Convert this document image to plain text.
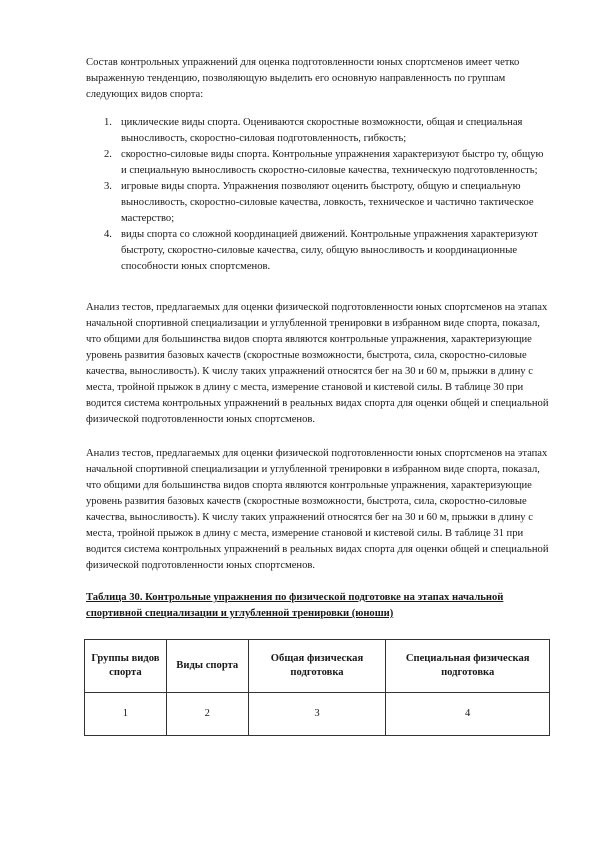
Состав контрольных упражнений для оценка подготовленности юных спортсменов имеет четко выраженную тенденцию, позволяющую выделить его основную направленность по группам следующих видов спорта:

1. циклические виды спорта. Оцениваются скоростные возможности, общая и специальная выносливость, скоростно-силовая подготовленность, гибкость;
2. скоростно-силовые виды спорта. Контрольные упражнения характеризуют быстро ту, общую и специальную выносливость скоростно-силовые качества, техническую подготовленность;
3. игровые виды спорта. Упражнения позволяют оценить быстроту, общую и специальную выносливость, скоростно-силовые качества, ловкость, техническое и частично тактическое мастерство;
4. виды спорта со сложной координацией движений. Контрольные упражнения характеризуют быстроту, скоростно-силовые качества, силу, общую выносливость и координационные способности юных спортсменов.

Анализ тестов, предлагаемых для оценки физической подготовленности юных спортсменов на этапах начальной спортивной специализации и углубленной тренировки в избранном виде спорта, показал, что общими для большинства видов спорта являются контрольные упражнения, характеризующие уровень развития базовых качеств (скоростные возможности, быстрота, сила, скоростно-силовые качества, выносливость). К числу таких упражнений относятся бег на 30 и 60 м, прыжки в длину с места, тройной прыжок в длину с места, измерение становой и кистевой силы. В таблице 30 при водится система контрольных упражнений в реальных видах спорта для оценки общей и специальной физической подготовленности юных спортсменов.

Анализ тестов, предлагаемых для оценки физической подготовленности юных спортсменов на этапах начальной спортивной специализации и углубленной тренировки в избранном виде спорта, показал, что общими для большинства видов спорта являются контрольные упражнения, характеризующие уровень развития базовых качеств (скоростные возможности, быстрота, сила, скоростно-силовые качества, выносливость). К числу таких упражнений относятся бег на 30 и 60 м, прыжки в длину с места, тройной прыжок в длину с места, измерение становой и кистевой силы. В таблице 31 при водится система контрольных упражнений в реальных видах спорта для оценки общей и специальной физической подготовленности юных спортсменов.

Таблица 30. Контрольные упражнения по физической подготовке на этапах начальной спортивной специализации и углубленной тренировки (юноши)

Группы видов спорта	Виды спорта	Общая физическая подготовка	Специальная физическая подготовка
1	2	3	4
